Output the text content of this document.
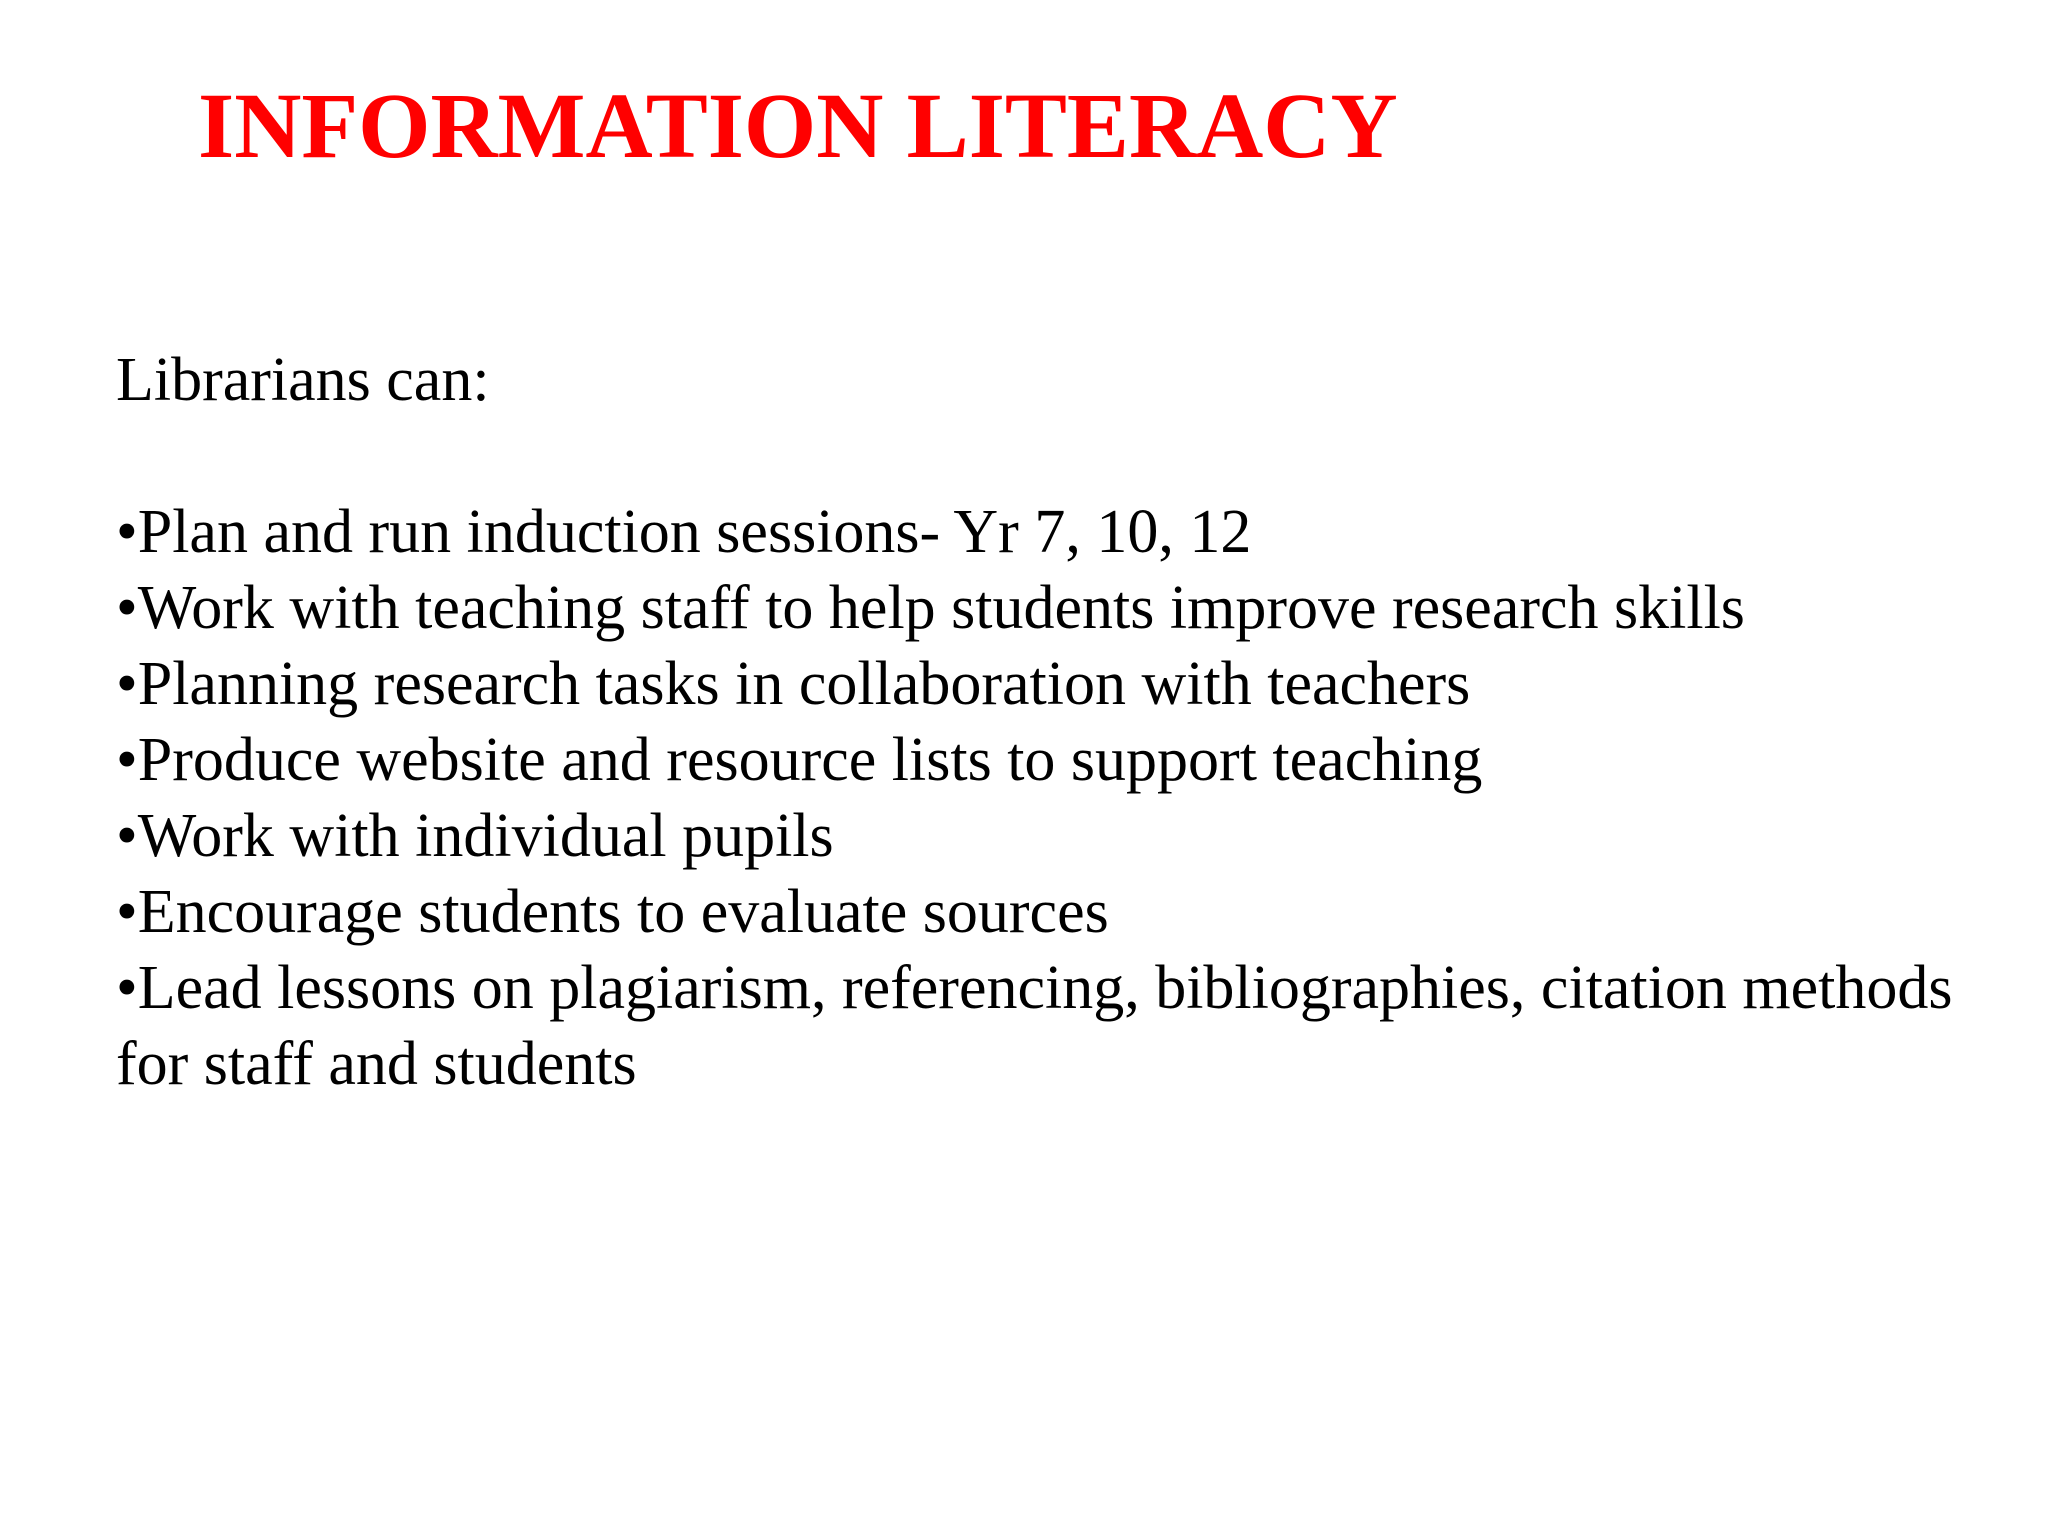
INFORMATION LITERACY

Librarians can:

•Plan and run induction sessions- Yr 7, 10, 12
•Work with teaching staff to help students improve research skills
•Planning research tasks in collaboration with teachers
•Produce website and resource lists to support teaching
•Work with individual pupils
•Encourage students to evaluate sources
•Lead lessons on plagiarism, referencing, bibliographies, citation methods for staff and students
